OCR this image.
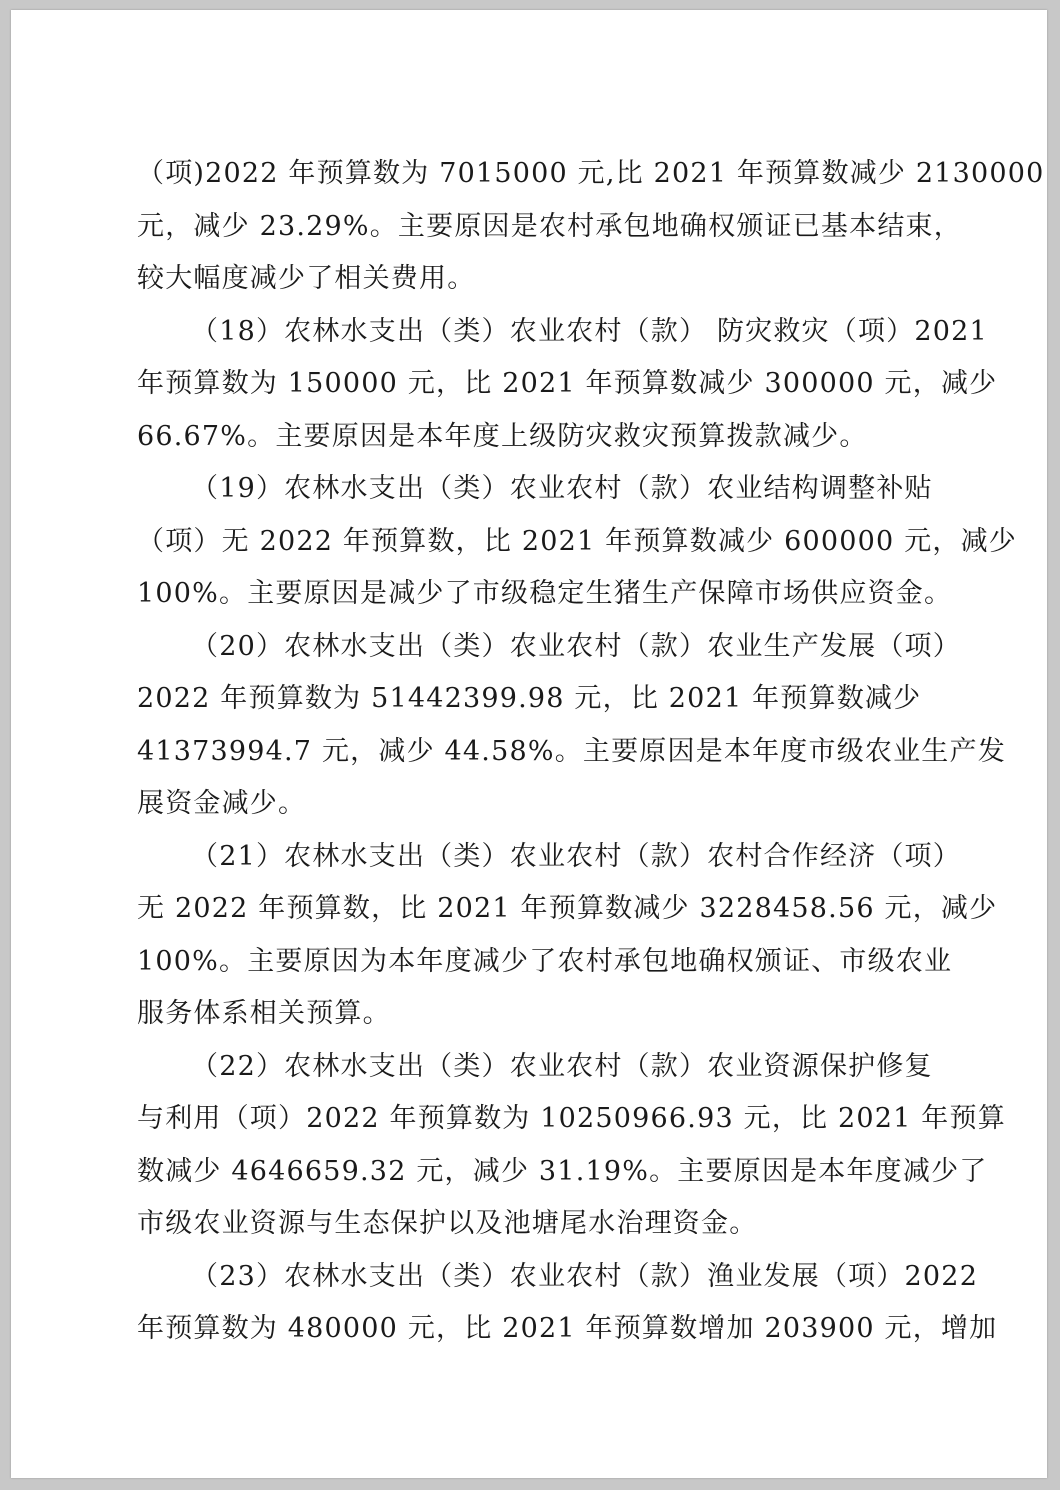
（项)2022 年预算数为 7015000 元,比 2021 年预算数减少 2130000
元，减少 23.29%。主要原因是农村承包地确权颁证已基本结束，
较大幅度减少了相关费用。
（18）农林水支出（类）农业农村（款） 防灾救灾（项）2021
年预算数为 150000 元，比 2021 年预算数减少 300000 元，减少
66.67%。主要原因是本年度上级防灾救灾预算拨款减少。
（19）农林水支出（类）农业农村（款）农业结构调整补贴
（项）无 2022 年预算数，比 2021 年预算数减少 600000 元，减少
100%。主要原因是减少了市级稳定生猪生产保障市场供应资金。
（20）农林水支出（类）农业农村（款）农业生产发展（项）
2022 年预算数为 51442399.98 元，比 2021 年预算数减少
41373994.7 元，减少 44.58%。主要原因是本年度市级农业生产发
展资金减少。
（21）农林水支出（类）农业农村（款）农村合作经济（项）
无 2022 年预算数，比 2021 年预算数减少 3228458.56 元，减少
100%。主要原因为本年度减少了农村承包地确权颁证、市级农业
服务体系相关预算。
（22）农林水支出（类）农业农村（款）农业资源保护修复
与利用（项）2022 年预算数为 10250966.93 元，比 2021 年预算
数减少 4646659.32 元，减少 31.19%。主要原因是本年度减少了
市级农业资源与生态保护以及池塘尾水治理资金。
（23）农林水支出（类）农业农村（款）渔业发展（项）2022
年预算数为 480000 元，比 2021 年预算数增加 203900 元，增加
